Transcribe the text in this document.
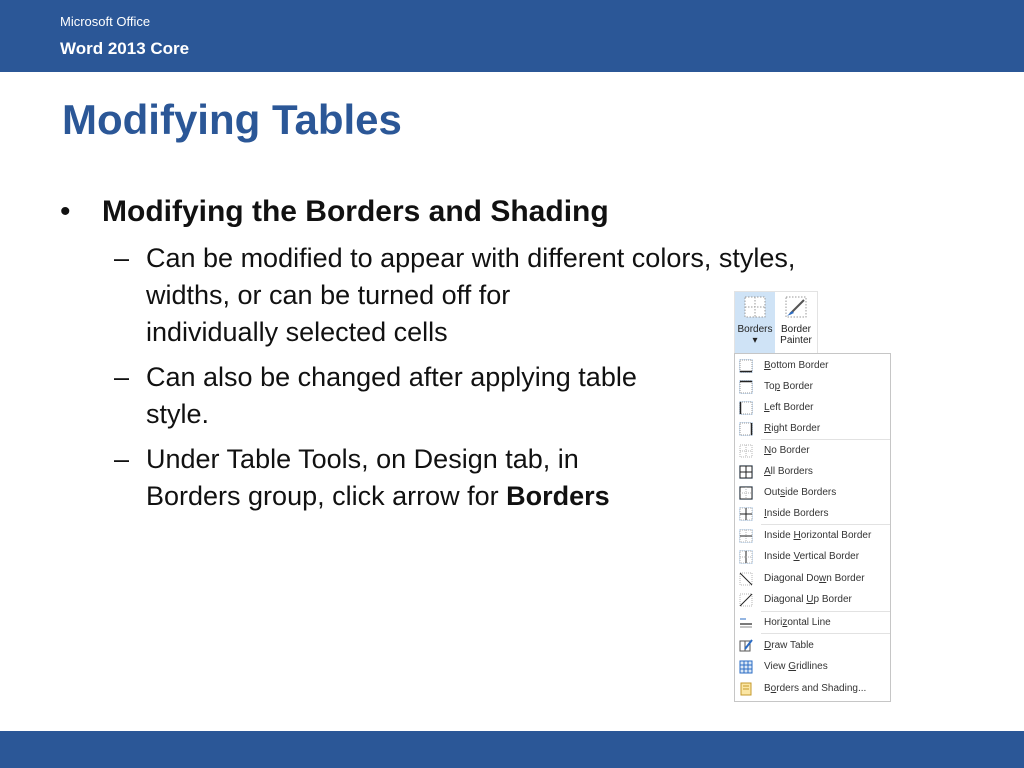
Microsoft Office
Word 2013 Core
Modifying Tables
• Modifying the Borders and Shading
– Can be modified to appear with different colors, styles,
widths, or can be turned off for
individually selected cells
– Can also be changed after applying table
style.
– Under Table Tools, on Design tab, in
Borders group, click arrow for Borders
Borders
▾
Border
Painter
Bottom Border
Top Border
Left Border
Right Border
No Border
All Borders
Outside Borders
Inside Borders
Inside Horizontal Border
Inside Vertical Border
Diagonal Down Border
Diagonal Up Border
Horizontal Line
Draw Table
View Gridlines
Borders and Shading...
